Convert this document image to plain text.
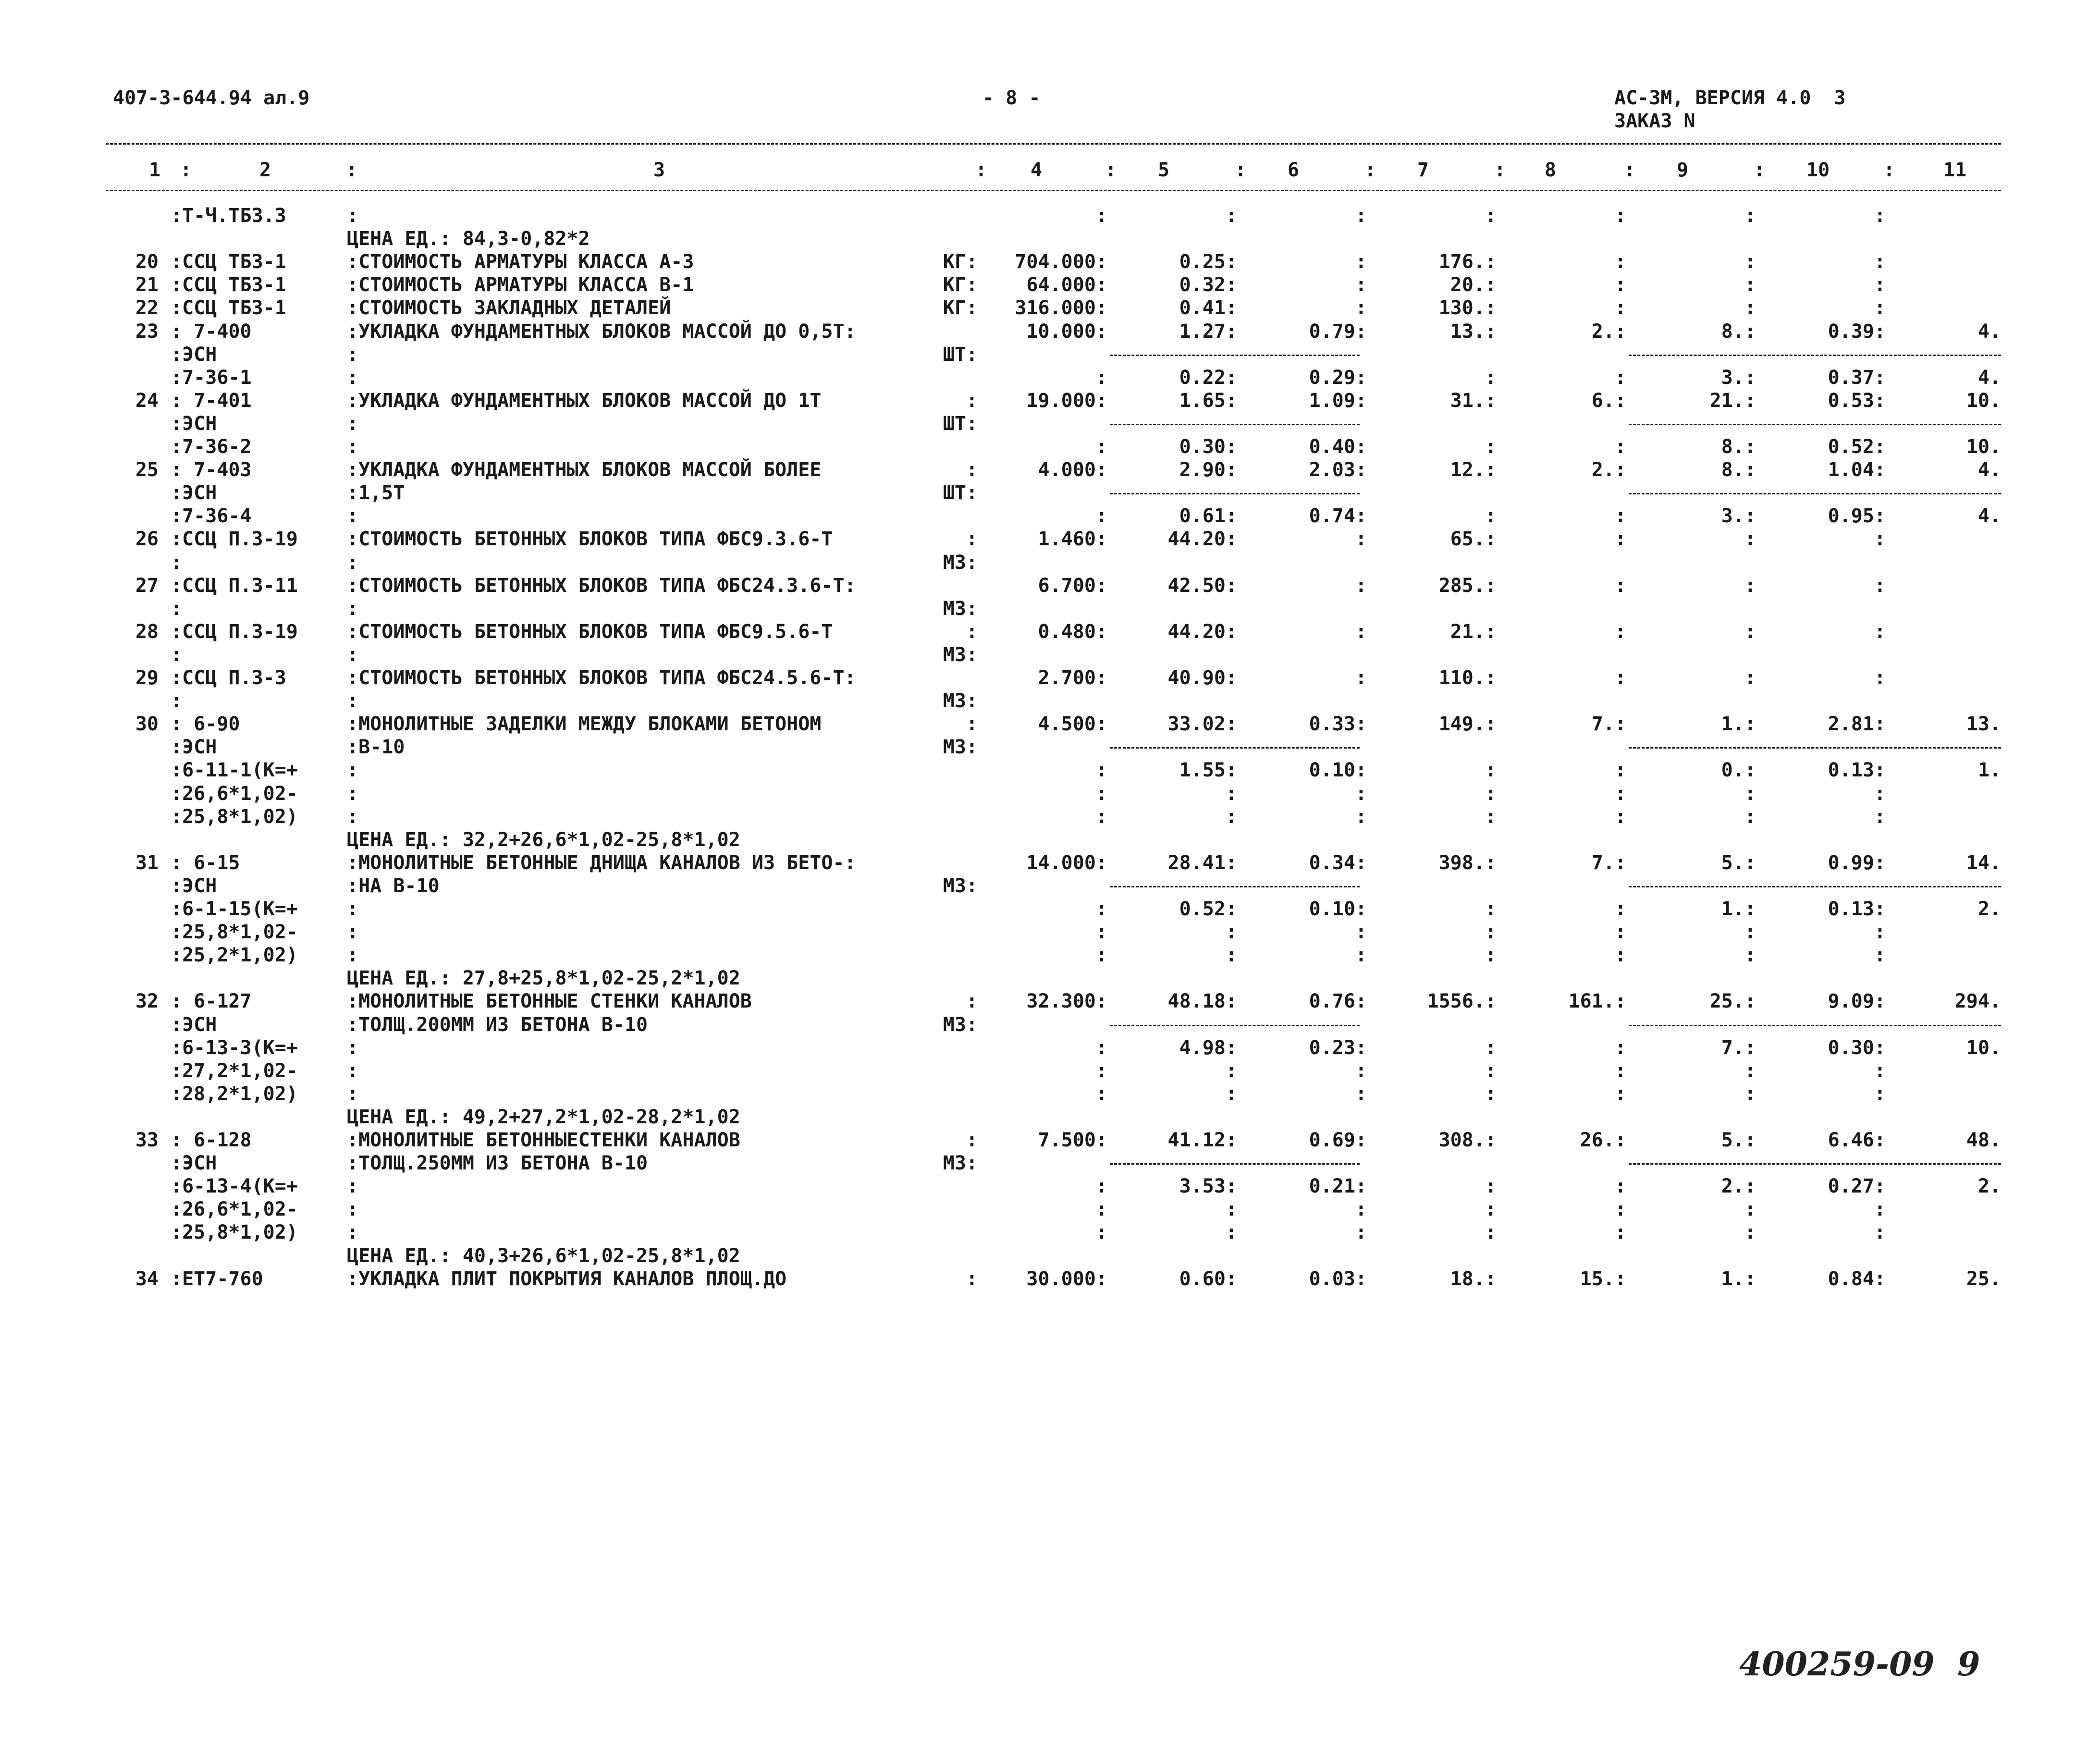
407-3-644.94 ал.9	- 8 -	АС-3М, ВЕРСИЯ 4.0  3
ЗАКАЗ N
1	2	3	4	5	6	7	8	9	10	11
:	:	:	:	:	:	:	:	:	:
:Т-Ч.ТБ3.3	:	:	:	:	:	:	:	:
ЦЕНА ЕД.: 84,3-0,82*2
20 :ССЦ ТБ3-1	:СТОИМОСТЬ АРМАТУРЫ КЛАССА А-3	КГ: 704.000:	0.25:	:	176.:	:	:	:
21 :ССЦ ТБ3-1	:СТОИМОСТЬ АРМАТУРЫ КЛАССА В-1	КГ:	64.000:	0.32:	:	20.:	:	:	:
22 :ССЦ ТБ3-1	:СТОИМОСТЬ ЗАКЛАДНЫХ ДЕТАЛЕЙ	КГ: 316.000:	0.41:	:	130.:	:	:	:
23 : 7-400	:УКЛАДКА ФУНДАМЕНТНЫХ БЛОКОВ МАССОЙ ДО 0,5Т:	10.000:	1.27:	0.79:	13.:	2.:	8.:	0.39:	4.
:ЭСН	:	ШТ:
:7-36-1	:	:	0.22:	0.29:	:	:	3.:	0.37:	4.
24 : 7-401	:УКЛАДКА ФУНДАМЕНТНЫХ БЛОКОВ МАССОЙ ДО 1Т	:	19.000:	1.65:	1.09:	31.:	6.:	21.:	0.53:	10.
:ЭСН	:	ШТ:
:7-36-2	:	:	0.30:	0.40:	:	:	8.:	0.52:	10.
25 : 7-403	:УКЛАДКА ФУНДАМЕНТНЫХ БЛОКОВ МАССОЙ БОЛЕЕ	:	4.000:	2.90:	2.03:	12.:	2.:	8.:	1.04:	4.
:ЭСН	:1,5Т	ШТ:
:7-36-4	:	:	0.61:	0.74:	:	:	3.:	0.95:	4.
26 :ССЦ П.3-19	:СТОИМОСТЬ БЕТОННЫХ БЛОКОВ ТИПА ФБС9.3.6-Т	:	1.460:	44.20:	:	65.:	:	:	:
:	:	М3:
27 :ССЦ П.3-11	:СТОИМОСТЬ БЕТОННЫХ БЛОКОВ ТИПА ФБС24.3.6-Т:	6.700:	42.50:	:	285.:	:	:	:
:	:	М3:
28 :ССЦ П.3-19	:СТОИМОСТЬ БЕТОННЫХ БЛОКОВ ТИПА ФБС9.5.6-Т	:	0.480:	44.20:	:	21.:	:	:	:
:	:	М3:
29 :ССЦ П.3-3	:СТОИМОСТЬ БЕТОННЫХ БЛОКОВ ТИПА ФБС24.5.6-Т:	2.700:	40.90:	:	110.:	:	:	:
:	:	М3:
30 : 6-90	:МОНОЛИТНЫЕ ЗАДЕЛКИ МЕЖДУ БЛОКАМИ БЕТОНОМ	:	4.500:	33.02:	0.33:	149.:	7.:	1.:	2.81:	13.
:ЭСН	:В-10	М3:
:6-11-1(К=+	:	:	1.55:	0.10:	:	:	0.:	0.13:	1.
:26,6*1,02-	:	:	:	:	:	:	:	:
:25,8*1,02)	:	:	:	:	:	:	:	:
ЦЕНА ЕД.: 32,2+26,6*1,02-25,8*1,02
31 : 6-15	:МОНОЛИТНЫЕ БЕТОННЫЕ ДНИЩА КАНАЛОВ ИЗ БЕТО-:	14.000:	28.41:	0.34:	398.:	7.:	5.:	0.99:	14.
:ЭСН	:НА В-10	М3:
:6-1-15(К=+	:	:	0.52:	0.10:	:	:	1.:	0.13:	2.
:25,8*1,02-	:	:	:	:	:	:	:	:
:25,2*1,02)	:	:	:	:	:	:	:	:
ЦЕНА ЕД.: 27,8+25,8*1,02-25,2*1,02
32 : 6-127	:МОНОЛИТНЫЕ БЕТОННЫЕ СТЕНКИ КАНАЛОВ	:	32.300:	48.18:	0.76:	1556.:	161.:	25.:	9.09:	294.
:ЭСН	:ТОЛЩ.200ММ ИЗ БЕТОНА В-10	М3:
:6-13-3(К=+	:	:	4.98:	0.23:	:	:	7.:	0.30:	10.
:27,2*1,02-	:	:	:	:	:	:	:	:
:28,2*1,02)	:	:	:	:	:	:	:	:
ЦЕНА ЕД.: 49,2+27,2*1,02-28,2*1,02
33 : 6-128	:МОНОЛИТНЫЕ БЕТОННЫЕСТЕНКИ КАНАЛОВ	:	7.500:	41.12:	0.69:	308.:	26.:	5.:	6.46:	48.
:ЭСН	:ТОЛЩ.250ММ ИЗ БЕТОНА В-10	М3:
:6-13-4(К=+	:	:	3.53:	0.21:	:	:	2.:	0.27:	2.
:26,6*1,02-	:	:	:	:	:	:	:	:
:25,8*1,02)	:	:	:	:	:	:	:	:
ЦЕНА ЕД.: 40,3+26,6*1,02-25,8*1,02
34 :ЕТ7-760	:УКЛАДКА ПЛИТ ПОКРЫТИЯ КАНАЛОВ ПЛОЩ.ДО	:	30.000:	0.60:	0.03:	18.:	15.:	1.:	0.84:	25.
400259-09  9
